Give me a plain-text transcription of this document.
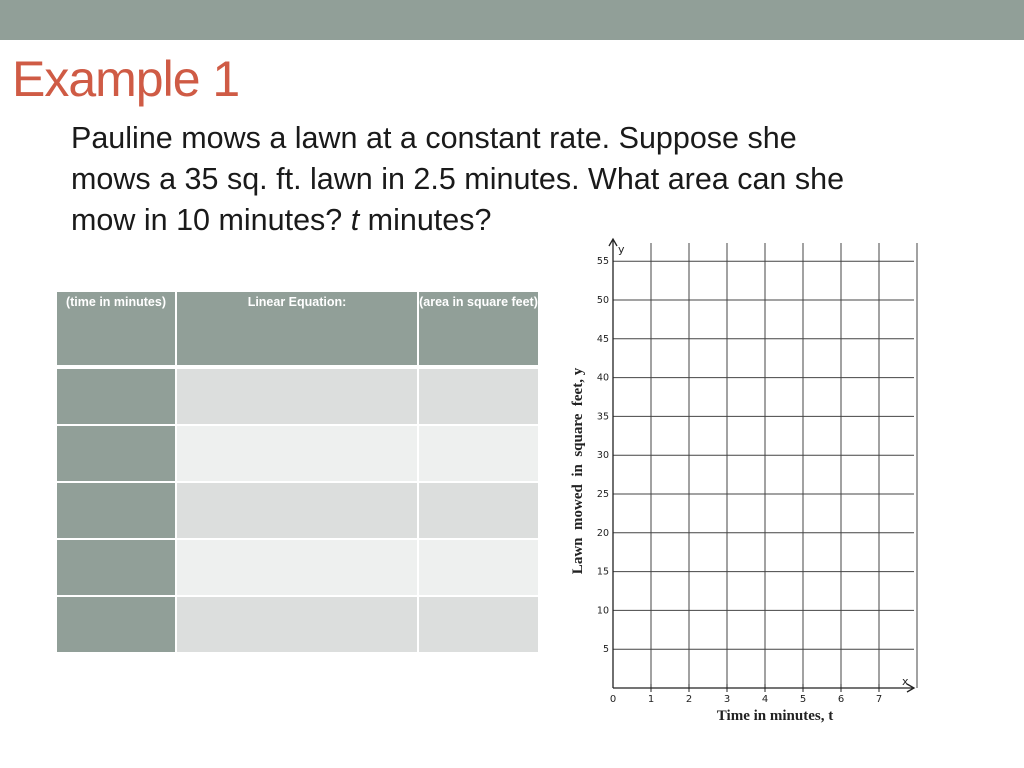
Example 1
Pauline mows a lawn at a constant rate. Suppose she
mows a 35 sq. ft. lawn in 2.5 minutes. What area can she
mow in 10 minutes? t minutes?
(time in minutes)	Linear Equation:	(area in square feet)

0	1	2	3	4	5	6	7
5
10
15
20
25
30
35
40
45
50
55
y
x
Time in minutes, t
Lawn  mowed  in  square  feet, y
